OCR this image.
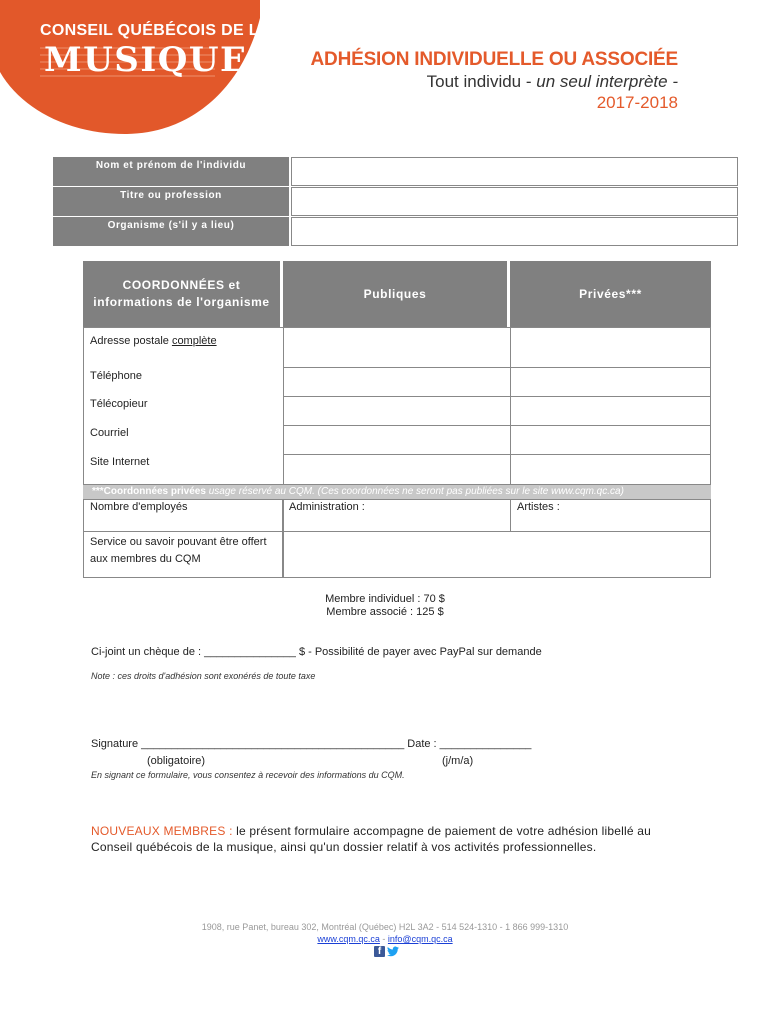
CONSEIL QUÉBÉCOIS DE LA
MUSIQUE	ADHÉSION INDIVIDUELLE OU ASSOCIÉE
Tout individu - un seul interprète -
2017-2018
Nom et prénom de l'individu
Titre ou profession
Organisme (s'il y a lieu)
COORDONNÉES et
informations de l'organisme
Publiques	Privées***
Adresse postale complète
Téléphone
Télécopieur
Courriel
Site Internet
***Coordonnées privées usage réservé au CQM. (Ces coordonnées ne seront pas publiées sur le site www.cqm.qc.ca)
Nombre d'employés	Administration :	Artistes :
Service ou savoir pouvant être offert
aux membres du CQM
Membre individuel : 70 $
Membre associé : 125 $
Ci-joint un chèque de : _______________ $ - Possibilité de payer avec PayPal sur demande
Note : ces droits d'adhésion sont exonérés de toute taxe
Signature ___________________________________________ Date : _______________
(obligatoire)	(j/m/a)
En signant ce formulaire, vous consentez à recevoir des informations du CQM.
NOUVEAUX MEMBRES : le présent formulaire accompagne de paiement de votre adhésion libellé au
Conseil québécois de la musique, ainsi qu'un dossier relatif à vos activités professionnelles.
1908, rue Panet, bureau 302, Montréal (Québec) H2L 3A2 - 514 524-1310 - 1 866 999-1310
www.cqm.qc.ca - info@cqm.qc.ca
f
